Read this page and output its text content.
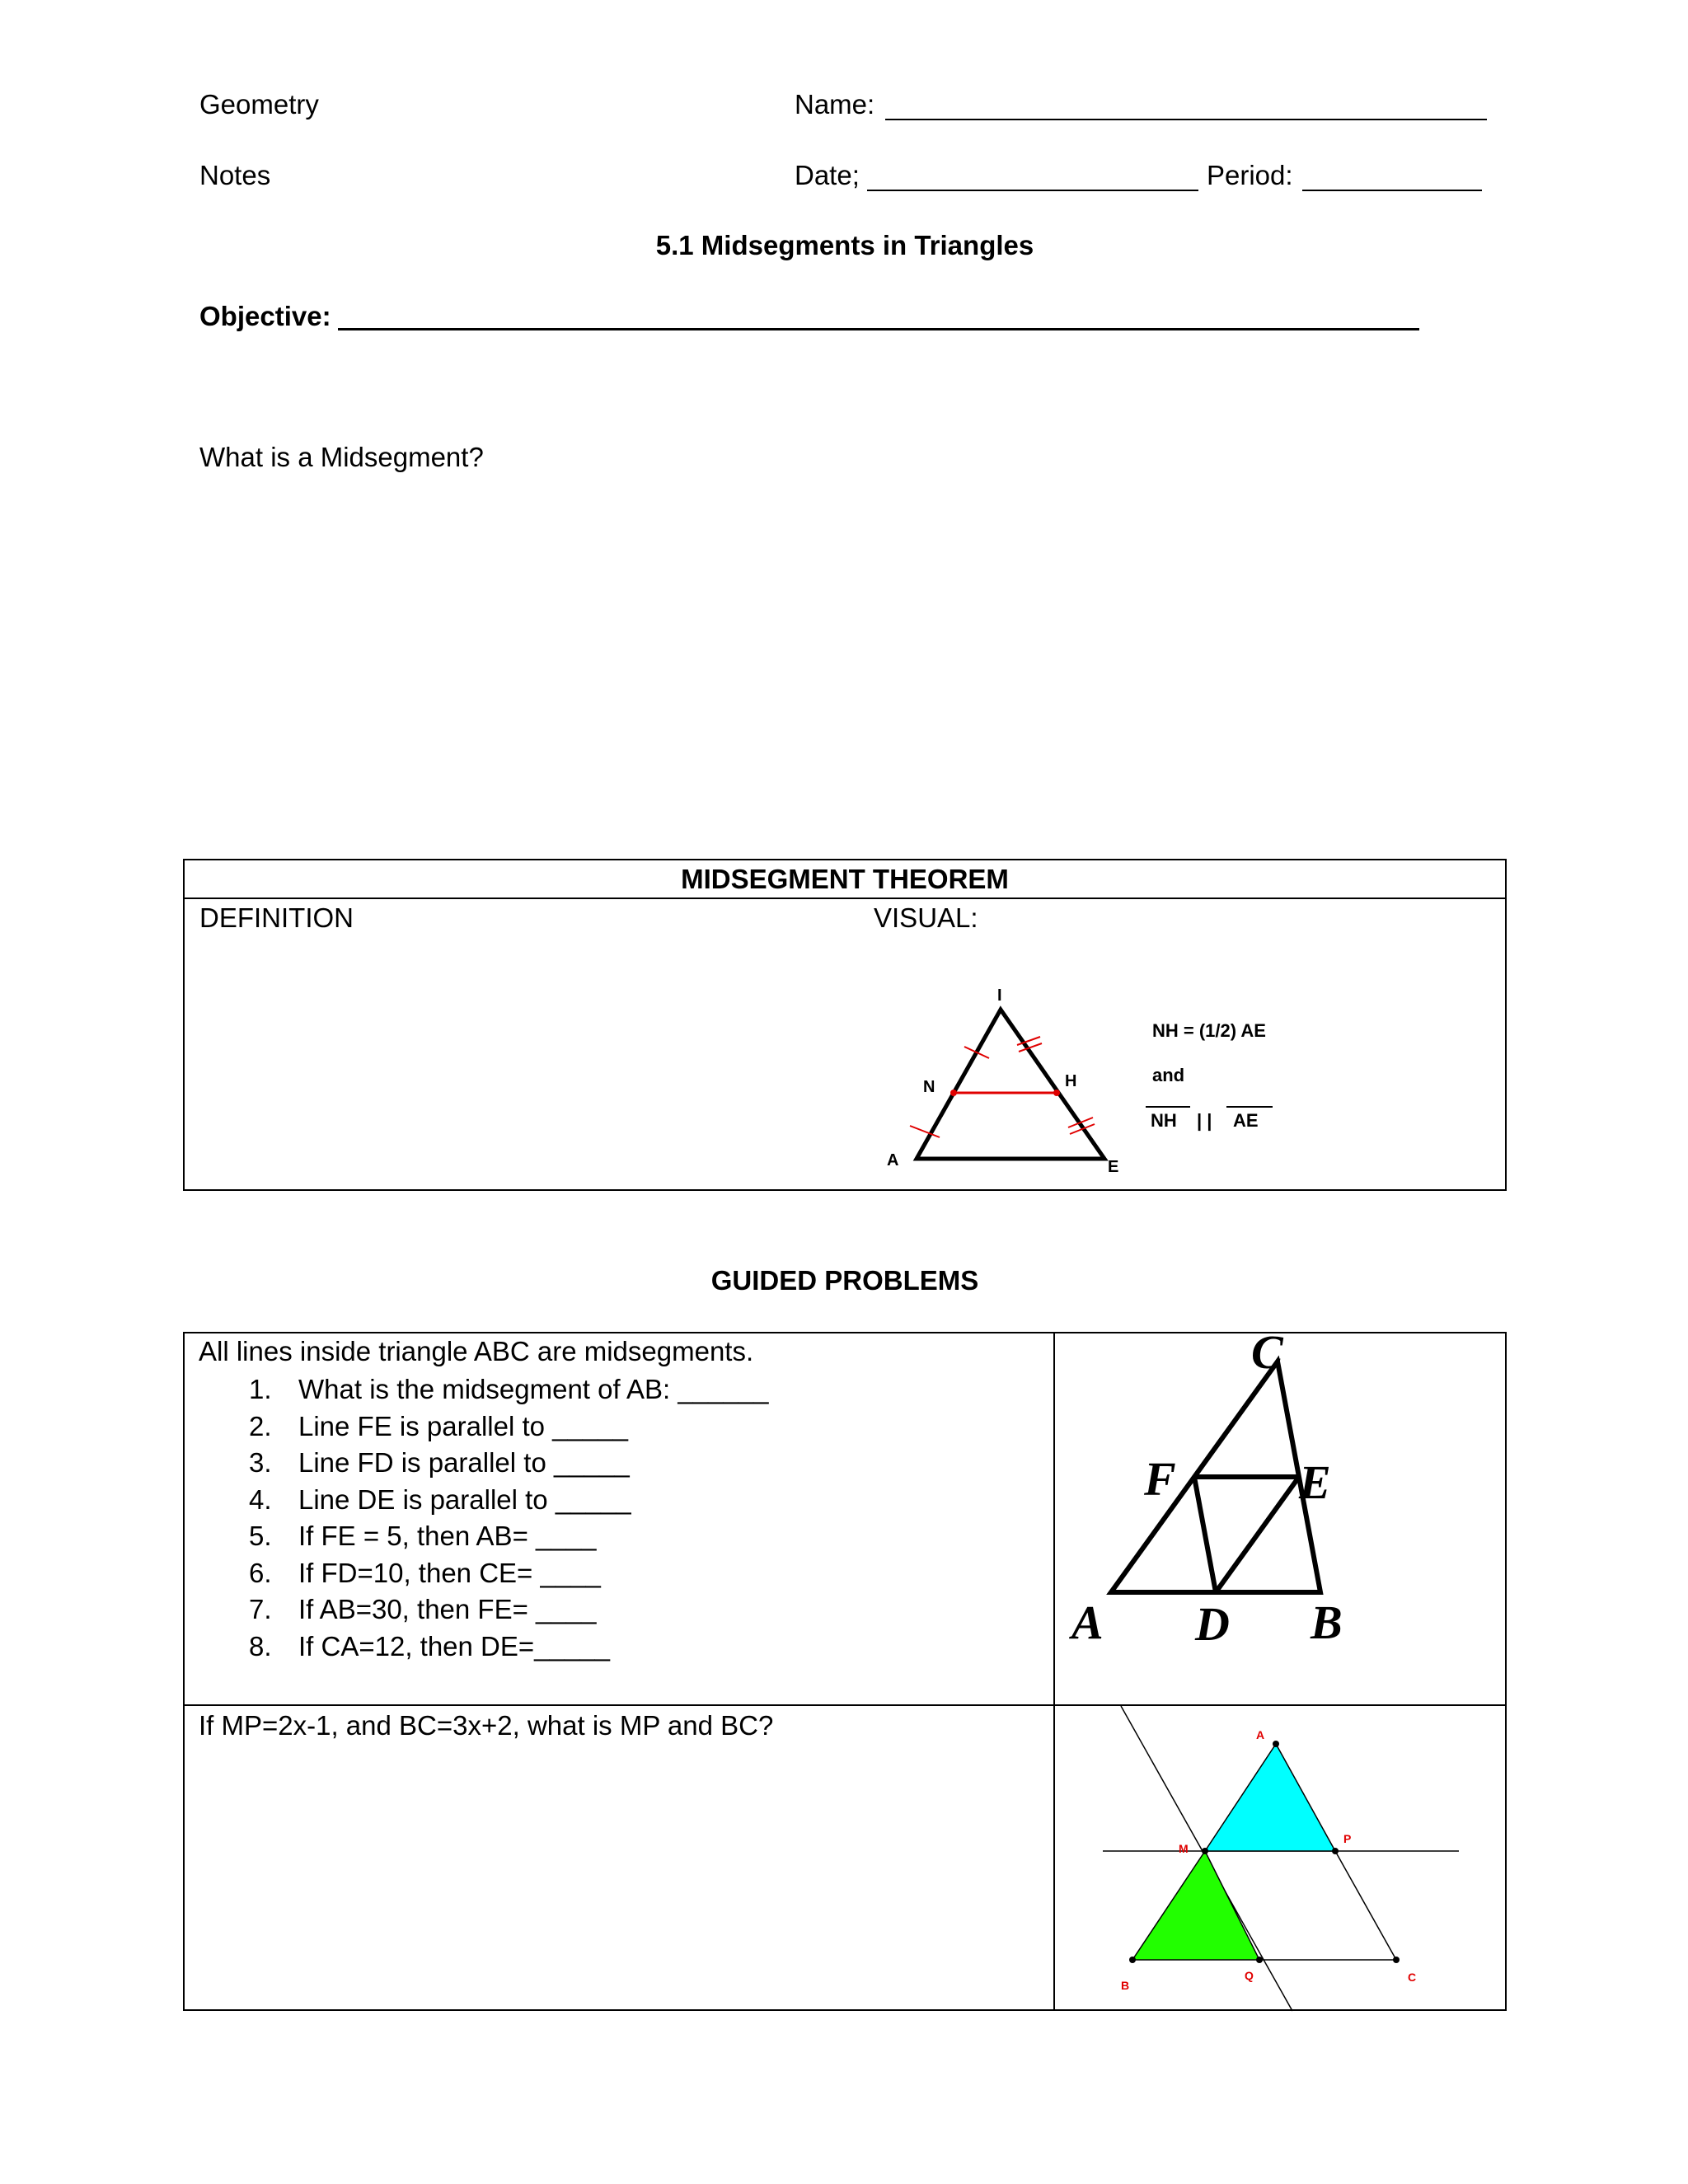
Geometry	Name:
Notes	Date;	Period:
5.1 Midsegments in Triangles
Objective:
What is a Midsegment?
MIDSEGMENT THEOREM
DEFINITION	VISUAL:
I
N	H
A	E
NH = (1/2) AE
and
NH | | AE
GUIDED PROBLEMS
All lines inside triangle ABC are midsegments.
1. What is the midsegment of AB: ______
2. Line FE is parallel to _____
3. Line FD is parallel to _____
4. Line DE is parallel to _____
5. If FE = 5, then AB= ____
6. If FD=10, then CE= ____
7. If AB=30, then FE= ____
8. If CA=12, then DE=_____
C
F	E
A D B
If MP=2x-1, and BC=3x+2, what is MP and BC?	A
M
P
B
Q	C
